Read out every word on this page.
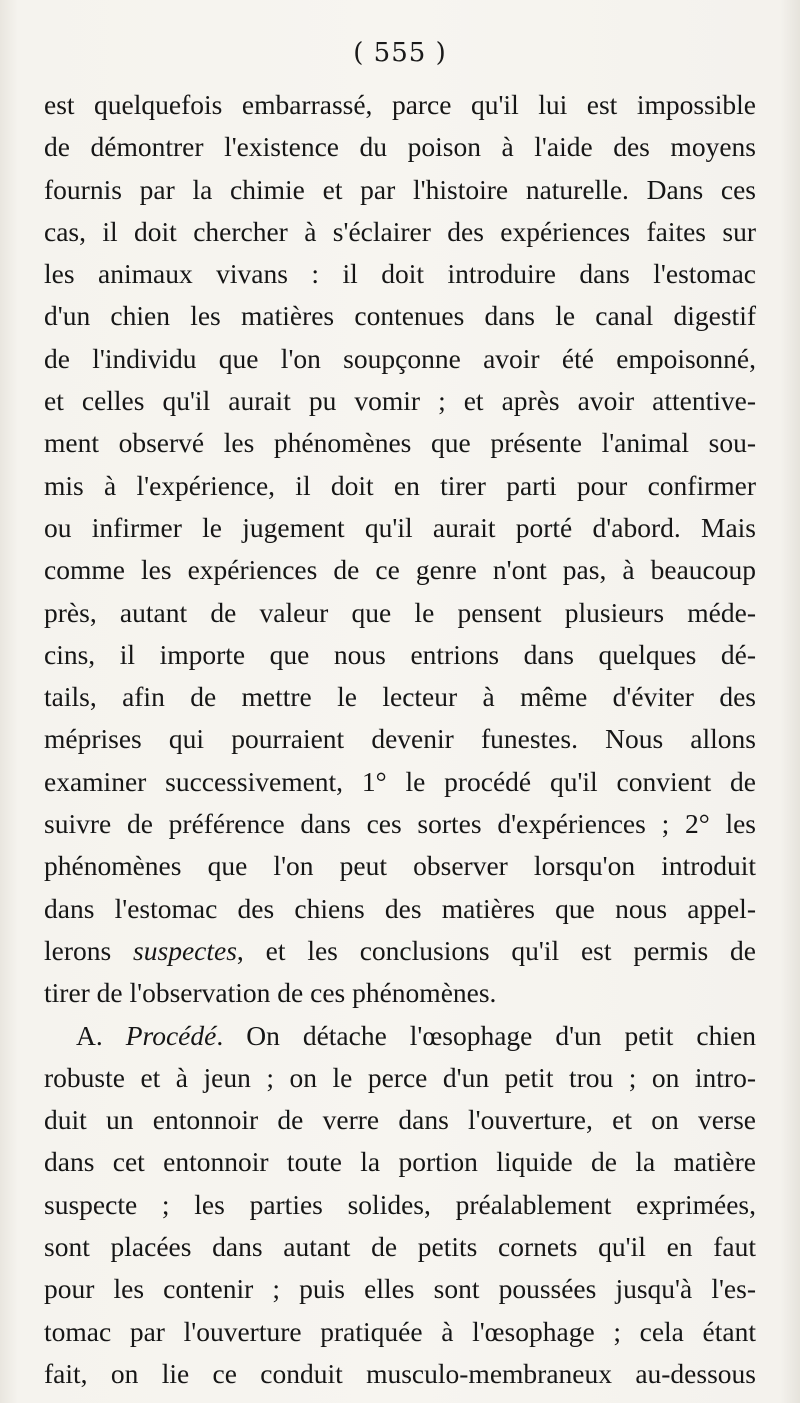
( 555 )
est quelquefois embarrassé, parce qu'il lui est impossible
de démontrer l'existence du poison à l'aide des moyens
fournis par la chimie et par l'histoire naturelle. Dans ces
cas, il doit chercher à s'éclairer des expériences faites sur
les animaux vivans : il doit introduire dans l'estomac
d'un chien les matières contenues dans le canal digestif
de l'individu que l'on soupçonne avoir été empoisonné,
et celles qu'il aurait pu vomir ; et après avoir attentive-
ment observé les phénomènes que présente l'animal sou-
mis à l'expérience, il doit en tirer parti pour confirmer
ou infirmer le jugement qu'il aurait porté d'abord. Mais
comme les expériences de ce genre n'ont pas, à beaucoup
près, autant de valeur que le pensent plusieurs méde-
cins, il importe que nous entrions dans quelques dé-
tails, afin de mettre le lecteur à même d'éviter des
méprises qui pourraient devenir funestes. Nous allons
examiner successivement, 1° le procédé qu'il convient de
suivre de préférence dans ces sortes d'expériences ; 2° les
phénomènes que l'on peut observer lorsqu'on introduit
dans l'estomac des chiens des matières que nous appel-
lerons suspectes, et les conclusions qu'il est permis de
tirer de l'observation de ces phénomènes.
A. Procédé. On détache l'œsophage d'un petit chien
robuste et à jeun ; on le perce d'un petit trou ; on intro-
duit un entonnoir de verre dans l'ouverture, et on verse
dans cet entonnoir toute la portion liquide de la matière
suspecte ; les parties solides, préalablement exprimées,
sont placées dans autant de petits cornets qu'il en faut
pour les contenir ; puis elles sont poussées jusqu'à l'es-
tomac par l'ouverture pratiquée à l'œsophage ; cela étant
fait, on lie ce conduit musculo-membraneux au-dessous
